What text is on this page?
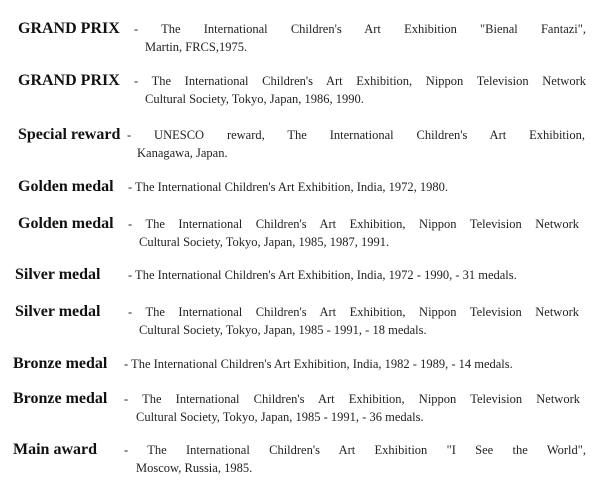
GRAND PRIX - The International Children's Art Exhibition "Bienal Fantazi",
Martin, FRCS,1975.
GRAND PRIX - The International Children's Art Exhibition, Nippon Television Network
Cultural Society, Tokyo, Japan, 1986, 1990.
Special reward - UNESCO reward, The International Children's Art Exhibition,
Kanagawa, Japan.
Golden medal - The International Children's Art Exhibition, India, 1972, 1980.
Golden medal - The International Children's Art Exhibition, Nippon Television Network
Cultural Society, Tokyo, Japan, 1985, 1987, 1991.
Silver medal - The International Children's Art Exhibition, India, 1972 - 1990, - 31 medals.
Silver medal - The International Children's Art Exhibition, Nippon Television Network
Cultural Society, Tokyo, Japan, 1985 - 1991, - 18 medals.
Bronze medal - The International Children's Art Exhibition, India, 1982 - 1989, - 14 medals.
Bronze medal - The International Children's Art Exhibition, Nippon Television Network
Cultural Society, Tokyo, Japan, 1985 - 1991, - 36 medals.
Main award - The International Children's Art Exhibition "I See the World",
Moscow, Russia, 1985.
